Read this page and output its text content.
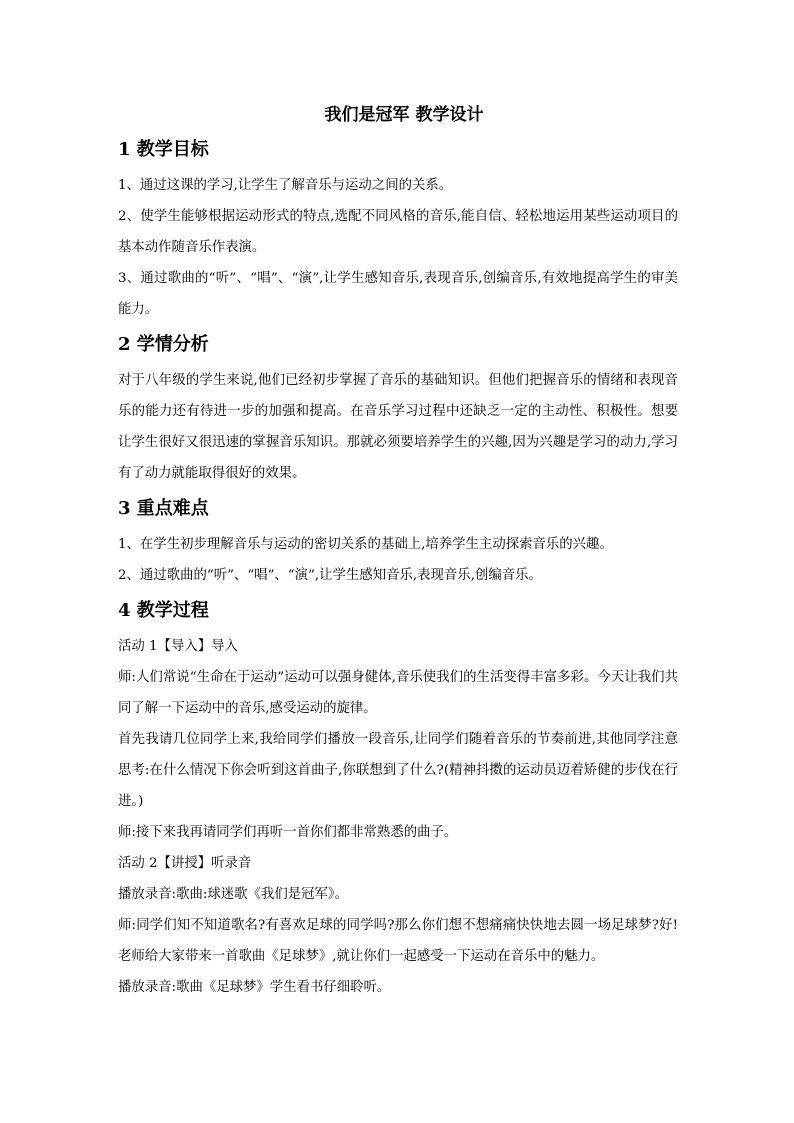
我们是冠军 教学设计
1 教学目标

1、通过这课的学习,让学生了解音乐与运动之间的关系。

2、使学生能够根据运动形式的特点,选配不同风格的音乐,能自信、轻松地运用某些运动项目的基本动作随音乐作表演。

3、通过歌曲的“听”、“唱”、“演”,让学生感知音乐,表现音乐,创编音乐,有效地提高学生的审美能力。

2 学情分析

对于八年级的学生来说,他们已经初步掌握了音乐的基础知识。但他们把握音乐的情绪和表现音乐的能力还有待进一步的加强和提高。在音乐学习过程中还缺乏一定的主动性、积极性。想要让学生很好又很迅速的掌握音乐知识。那就必须要培养学生的兴趣,因为兴趣是学习的动力,学习有了动力就能取得很好的效果。

3 重点难点

1、在学生初步理解音乐与运动的密切关系的基础上,培养学生主动探索音乐的兴趣。

2、通过歌曲的“听”、“唱”、“演”,让学生感知音乐,表现音乐,创编音乐。

4 教学过程

活动 1【导入】导入

师:人们常说“生命在于运动”运动可以强身健体,音乐使我们的生活变得丰富多彩。今天让我们共同了解一下运动中的音乐,感受运动的旋律。

首先我请几位同学上来,我给同学们播放一段音乐,让同学们随着音乐的节奏前进,其他同学注意思考:在什么情况下你会听到这首曲子,你联想到了什么?(精神抖擞的运动员迈着矫健的步伐在行进。)

师:接下来我再请同学们再听一首你们都非常熟悉的曲子。

活动 2【讲授】听录音

播放录音:歌曲:球迷歌《我们是冠军》。

师:同学们知不知道歌名?有喜欢足球的同学吗?那么你们想不想痛痛快快地去圆一场足球梦?好!老师给大家带来一首歌曲《足球梦》,就让你们一起感受一下运动在音乐中的魅力。

播放录音:歌曲《足球梦》学生看书仔细聆听。
